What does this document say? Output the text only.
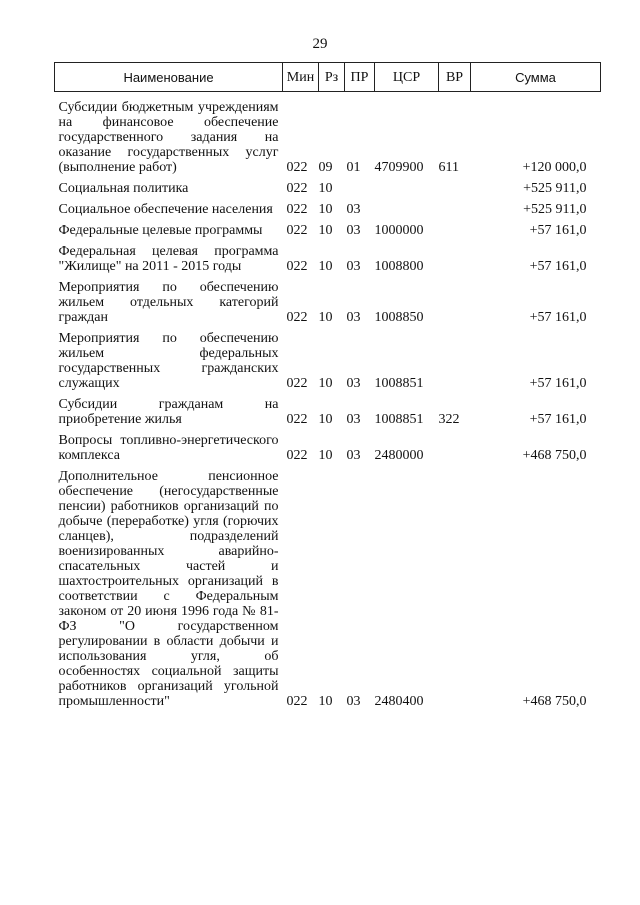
29
Наименование	Мин	Рз	ПР	ЦСР	ВР	Сумма
Субсидии бюджетным учреждениям на финансовое обеспечение государственного задания на оказание государственных услуг (выполнение работ)	022	09	01	4709900	611	+120 000,0
Социальная политика	022	10				+525 911,0
Социальное обеспечение населения	022	10	03			+525 911,0
Федеральные целевые программы	022	10	03	1000000		+57 161,0
Федеральная целевая программа "Жилище" на 2011 - 2015 годы	022	10	03	1008800		+57 161,0
Мероприятия по обеспечению жильем отдельных категорий граждан	022	10	03	1008850		+57 161,0
Мероприятия по обеспечению жильем федеральных государственных гражданских служащих	022	10	03	1008851		+57 161,0
Субсидии гражданам на приобретение жилья	022	10	03	1008851	322	+57 161,0
Вопросы топливно-энергетического комплекса	022	10	03	2480000		+468 750,0
Дополнительное пенсионное обеспечение (негосударственные пенсии) работников организаций по добыче (переработке) угля (горючих сланцев), подразделений военизированных аварийно-спасательных частей и шахтостроительных организаций в соответствии с Федеральным законом от 20 июня 1996 года № 81-ФЗ "О государственном регулировании в области добычи и использования угля, об особенностях социальной защиты работников организаций угольной промышленности"	022	10	03	2480400		+468 750,0
